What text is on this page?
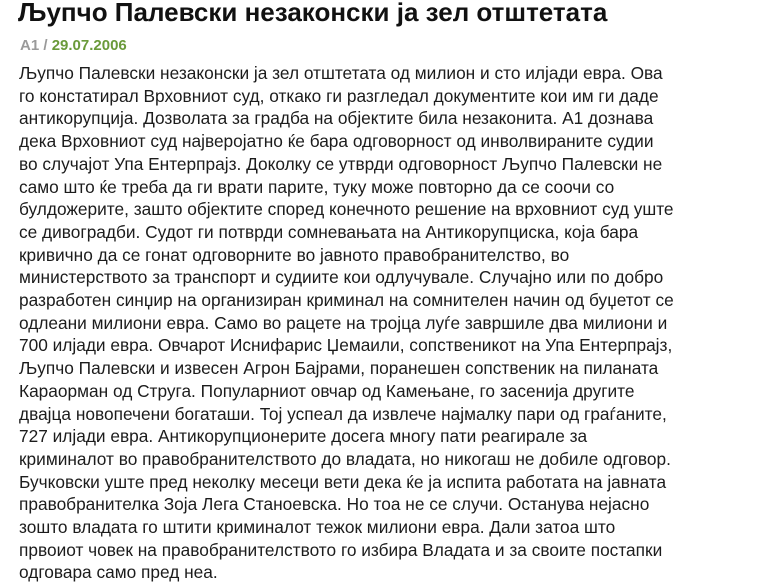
Љупчо Палевски незаконски ја зел отштетата
А1 / 29.07.2006
Љупчо Палевски незаконски ја зел отштетата од милион и сто илјади евра. Ова
го констатирал Врховниот суд, откако ги разгледал документите кои им ги даде
антикорупција. Дозволата за градба на објектите била незаконита. А1 дознава
дека Врховниот суд најверојатно ќе бара одговорност од инволвираните судии
во случајот Упа Ентерпрајз. Доколку се утврди одговорност Љупчо Палевски не
само што ќе треба да ги врати парите, туку може повторно да се соочи со
булдожерите, зашто објектите според конечното решение на врховниот суд уште
се дивоградби. Судот ги потврди сомневањата на Антикорупциска, која бара
кривично да се гонат одговорните во јавното правобранителство, во
министерството за транспорт и судиите кои одлучувале. Случајно или по добро
разработен синџир на организиран криминал на сомнителен начин од буџетот се
одлеани милиони евра. Само во рацете на тројца луѓе завршиле два милиони и
700 илјади евра. Овчарот Иснифарис Џемаили, сопственикот на Упа Ентерпрајз,
Љупчо Палевски и извесен Агрон Бајрами, поранешен сопственик на пиланата
Караорман од Струга. Популарниот овчар од Камењане, го засенија другите
двајца новопечени богаташи. Тој успеал да извлече најмалку пари од граѓаните,
727 илјади евра. Антикорупционерите досега многу пати реагирале за
криминалот во правобранителството до владата, но никогаш не добиле одговор.
Бучковски уште пред неколку месеци вети дека ќе ја испита работата на јавната
правобранителка Зоја Лега Станоевска. Но тоа не се случи. Останува нејасно
зошто владата го штити криминалот тежок милиони евра. Дали затоа што
првоиот човек на правобранителството го избира Владата и за своите постапки
одговара само пред неа.
